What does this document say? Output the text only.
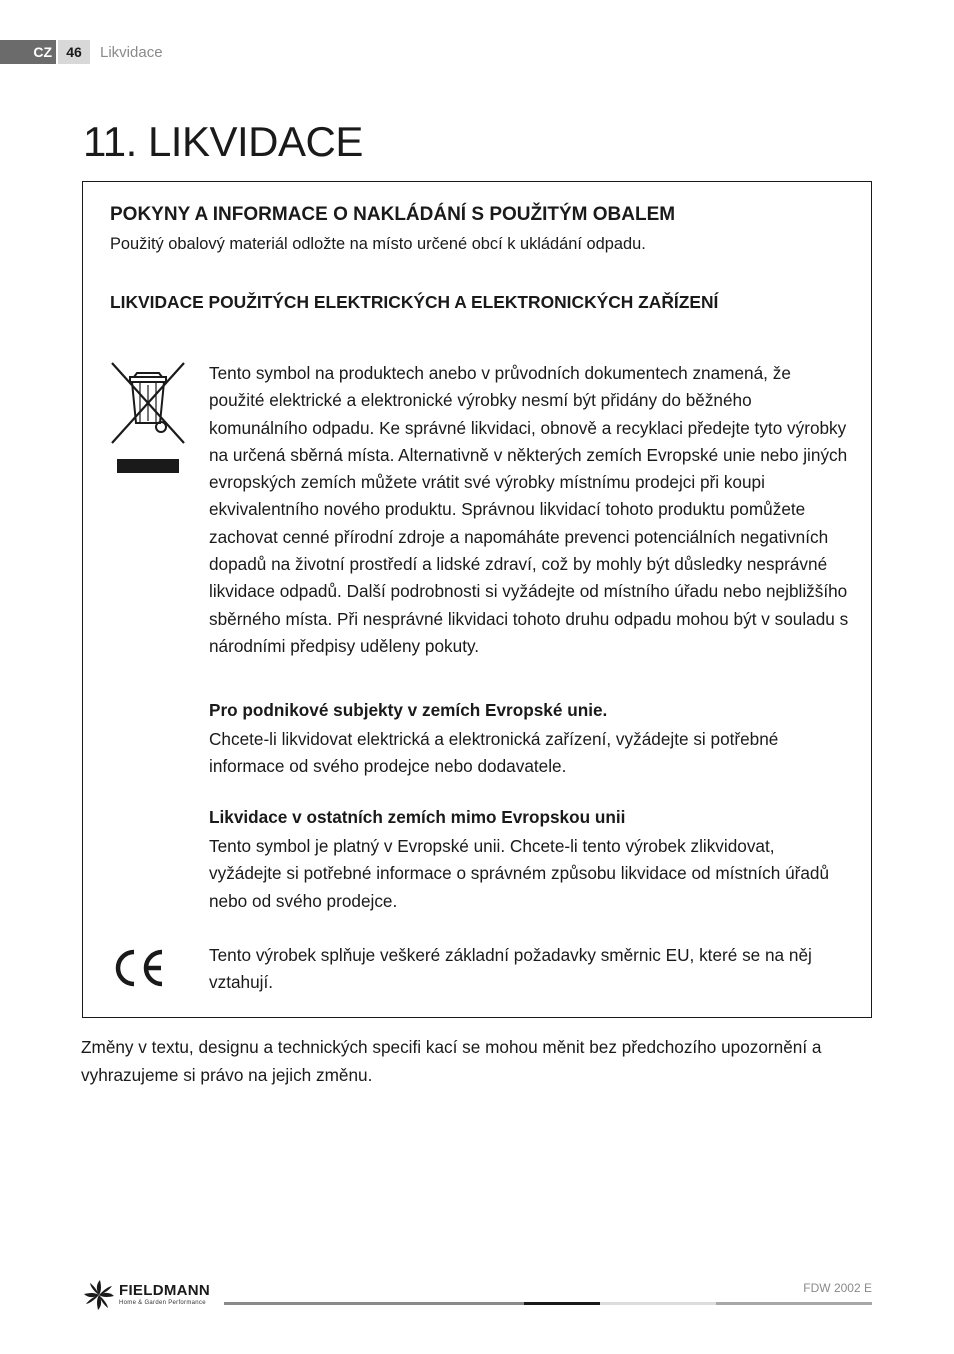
CZ	46	Likvidace
11. LIKVIDACE
POKYNY A INFORMACE O NAKLÁDÁNÍ S POUŽITÝM OBALEM

Použitý obalový materiál odložte na místo určené obcí k ukládání odpadu.

LIKVIDACE POUŽITÝCH ELEKTRICKÝCH A ELEKTRONICKÝCH ZAŘÍZENÍ

Tento symbol na produktech anebo v průvodních dokumentech znamená, že použité elektrické a elektronické výrobky nesmí být přidány do běžného komunálního odpadu. Ke správné likvidaci, obnově a recyklaci předejte tyto výrobky na určená sběrná místa. Alternativně v některých zemích Evropské unie nebo jiných evropských zemích můžete vrátit své výrobky místnímu prodejci při koupi ekvivalentního nového produktu. Správnou likvidací tohoto produktu pomůžete zachovat cenné přírodní zdroje a napomáháte prevenci potenciálních negativních dopadů na životní prostředí a lidské zdraví, což by mohly být důsledky nesprávné likvidace odpadů. Další podrobnosti si vyžádejte od místního úřadu nebo nejbližšího sběrného místa. Při nesprávné likvidaci tohoto druhu odpadu mohou být v souladu s národními předpisy uděleny pokuty.

Pro podnikové subjekty v zemích Evropské unie.

Chcete-li likvidovat elektrická a elektronická zařízení, vyžádejte si potřebné informace od svého prodejce nebo dodavatele.

Likvidace v ostatních zemích mimo Evropskou unii

Tento symbol je platný v Evropské unii. Chcete-li tento výrobek zlikvidovat, vyžádejte si potřebné informace o správném způsobu likvidace od místních úřadů nebo od svého prodejce.

Tento výrobek splňuje veškeré základní požadavky směrnic EU, které se na něj vztahují.

Změny v textu, designu a technických specifi kací se mohou měnit bez předchozího upozornění a vyhrazujeme si právo na jejich změnu.

FIELDMANN
Home & Garden Performance
FDW 2002 E
